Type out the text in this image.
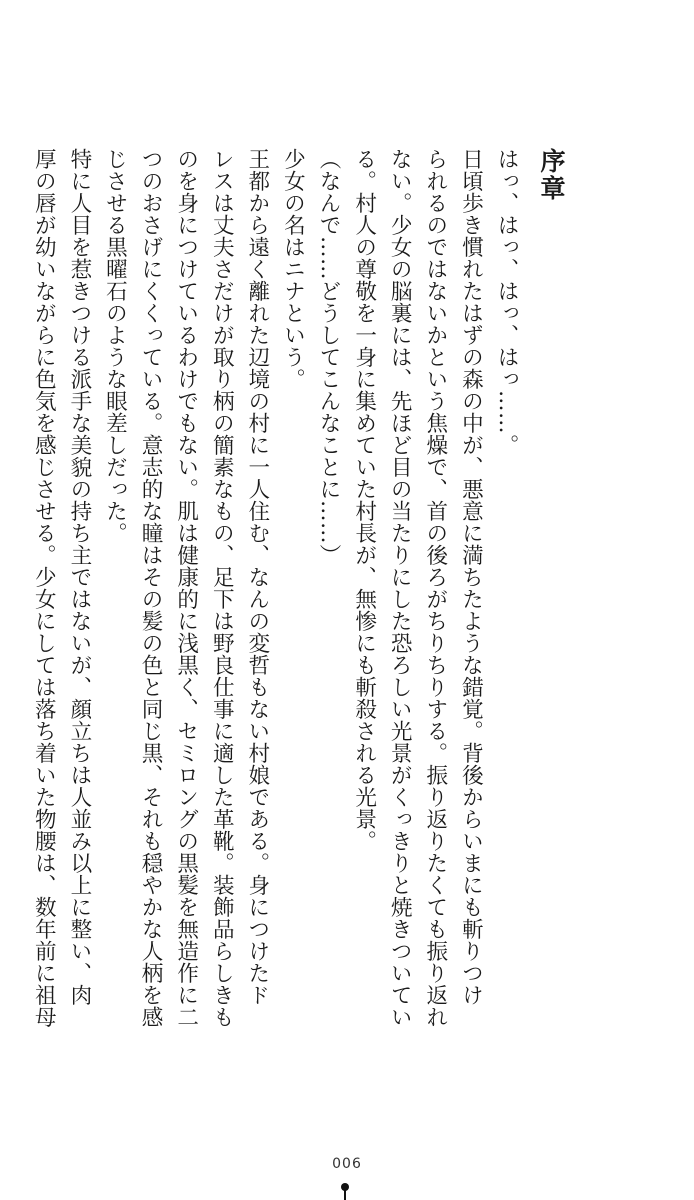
序章
はっ、はっ、はっ、はっ……。
日頃歩き慣れたはずの森の中が、悪意に満ちたような錯覚。背後からいまにも斬りつけ
られるのではないかという焦燥で、首の後ろがちりちりする。振り返りたくても振り返れ
ない。少女の脳裏には、先ほど目の当たりにした恐ろしい光景がくっきりと焼きついてい
る。村人の尊敬を一身に集めていた村長が、無惨にも斬殺される光景。
（なんで……どうしてこんなことに……）
少女の名はニナという。
王都から遠く離れた辺境の村に一人住む、なんの変哲もない村娘である。身につけたド
レスは丈夫さだけが取り柄の簡素なもの、足下は野良仕事に適した革靴。装飾品らしきも
のを身につけているわけでもない。肌は健康的に浅黒く、セミロングの黒髪を無造作に二
つのおさげにくくっている。意志的な瞳はその髪の色と同じ黒、それも穏やかな人柄を感
じさせる黒曜石のような眼差しだった。
特に人目を惹きつける派手な美貌の持ち主ではないが、顔立ちは人並み以上に整い、肉
厚の唇が幼いながらに色気を感じさせる。少女にしては落ち着いた物腰は、数年前に祖母
006
